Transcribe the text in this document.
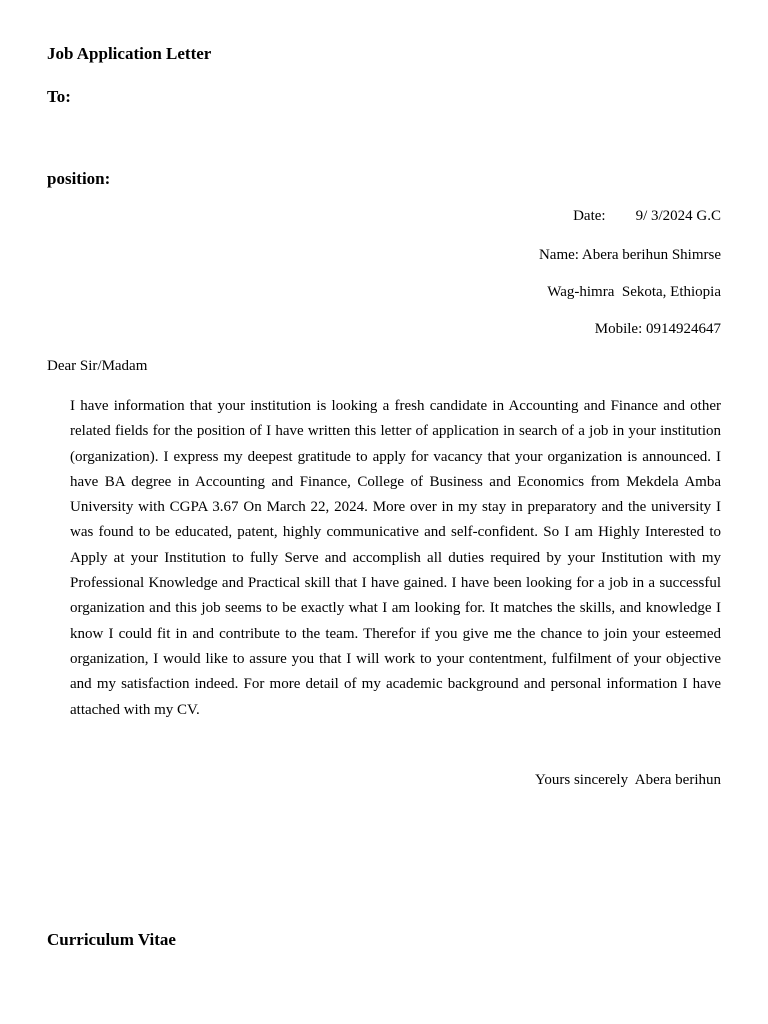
Job Application Letter
To:
position:
Date: 9/ 3/2024 G.C
Name: Abera berihun Shimrse
Wag-himra  Sekota, Ethiopia
Mobile: 0914924647
Dear Sir/Madam

I have information that your institution is looking a fresh candidate in Accounting and Finance and other related fields for the position of I have written this letter of application in search of a job in your institution (organization). I express my deepest gratitude to apply for vacancy that your organization is announced. I have BA degree in Accounting and Finance, College of Business and Economics from Mekdela Amba University with CGPA 3.67 On March 22, 2024. More over in my stay in preparatory and the university I was found to be educated, patent, highly communicative and self-confident. So I am Highly Interested to Apply at your Institution to fully Serve and accomplish all duties required by your Institution with my Professional Knowledge and Practical skill that I have gained. I have been looking for a job in a successful organization and this job seems to be exactly what I am looking for. It matches the skills, and knowledge I know I could fit in and contribute to the team. Therefor if you give me the chance to join your esteemed organization, I would like to assure you that I will work to your contentment, fulfilment of your objective and my satisfaction indeed. For more detail of my academic background and personal information I have attached with my CV.

Yours sincerely  Abera berihun
Curriculum Vitae
